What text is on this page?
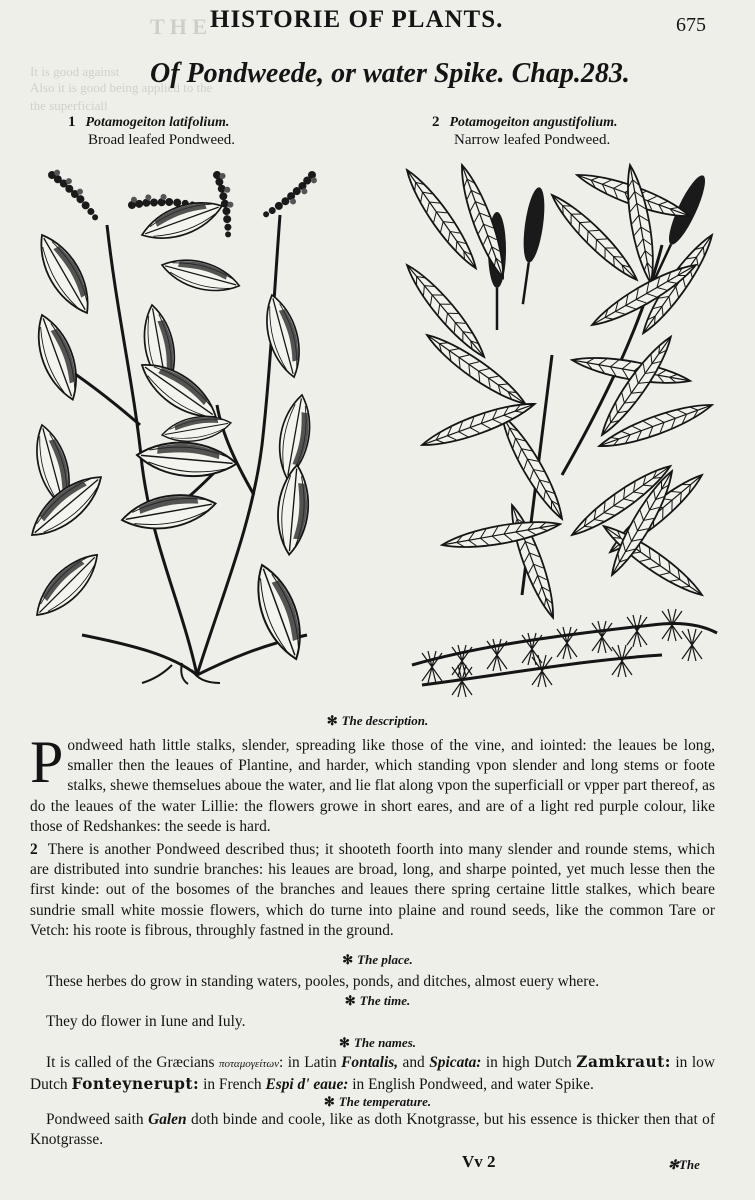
T H E
It is good against
Also it is good being applied to the
the superficiall
HISTORIE OF PLANTS.	675
Of Pondweede, or water Spike. Chap.283.
1 Potamogeiton latifolium.
Broad leafed Pondweed.
2 Potamogeiton angustifolium.
Narrow leafed Pondweed.
✻ The description.
Pondweed hath little stalks, slender, spreading like those of the vine, and iointed: the leaues be long, smaller then the leaues of Plantine, and harder, which standing vpon slender and long stems or foote stalks, shewe themselues aboue the water, and lie flat along vpon the superficiall or vpper part thereof, as do the leaues of the water Lillie: the flowers growe in short eares, and are of a light red purple colour, like those of Redshankes: the seede is hard.
2 There is another Pondweed described thus; it shooteth foorth into many slender and rounde stems, which are distributed into sundrie branches: his leaues are broad, long, and sharpe pointed, yet much lesse then the first kinde: out of the bosomes of the branches and leaues there spring certaine little stalkes, which beare sundrie small white mossie flowers, which do turne into plaine and round seeds, like the common Tare or Vetch: his roote is fibrous, throughly fastned in the ground.
✻ The place.
These herbes do grow in standing waters, pooles, ponds, and ditches, almost euery where.
✻ The time.
They do flower in Iune and Iuly.
✻ The names.
It is called of the Græcians ποταμογείτων: in Latin Fontalis, and Spicata: in high Dutch Zamkraut: in low Dutch Fonteynerupt: in French Espi d' eaue: in English Pondweed, and water Spike.
✻ The temperature.
Pondweed saith Galen doth binde and coole, like as doth Knotgrasse, but his essence is thicker then that of Knotgrasse.
Vv 2	✻The
